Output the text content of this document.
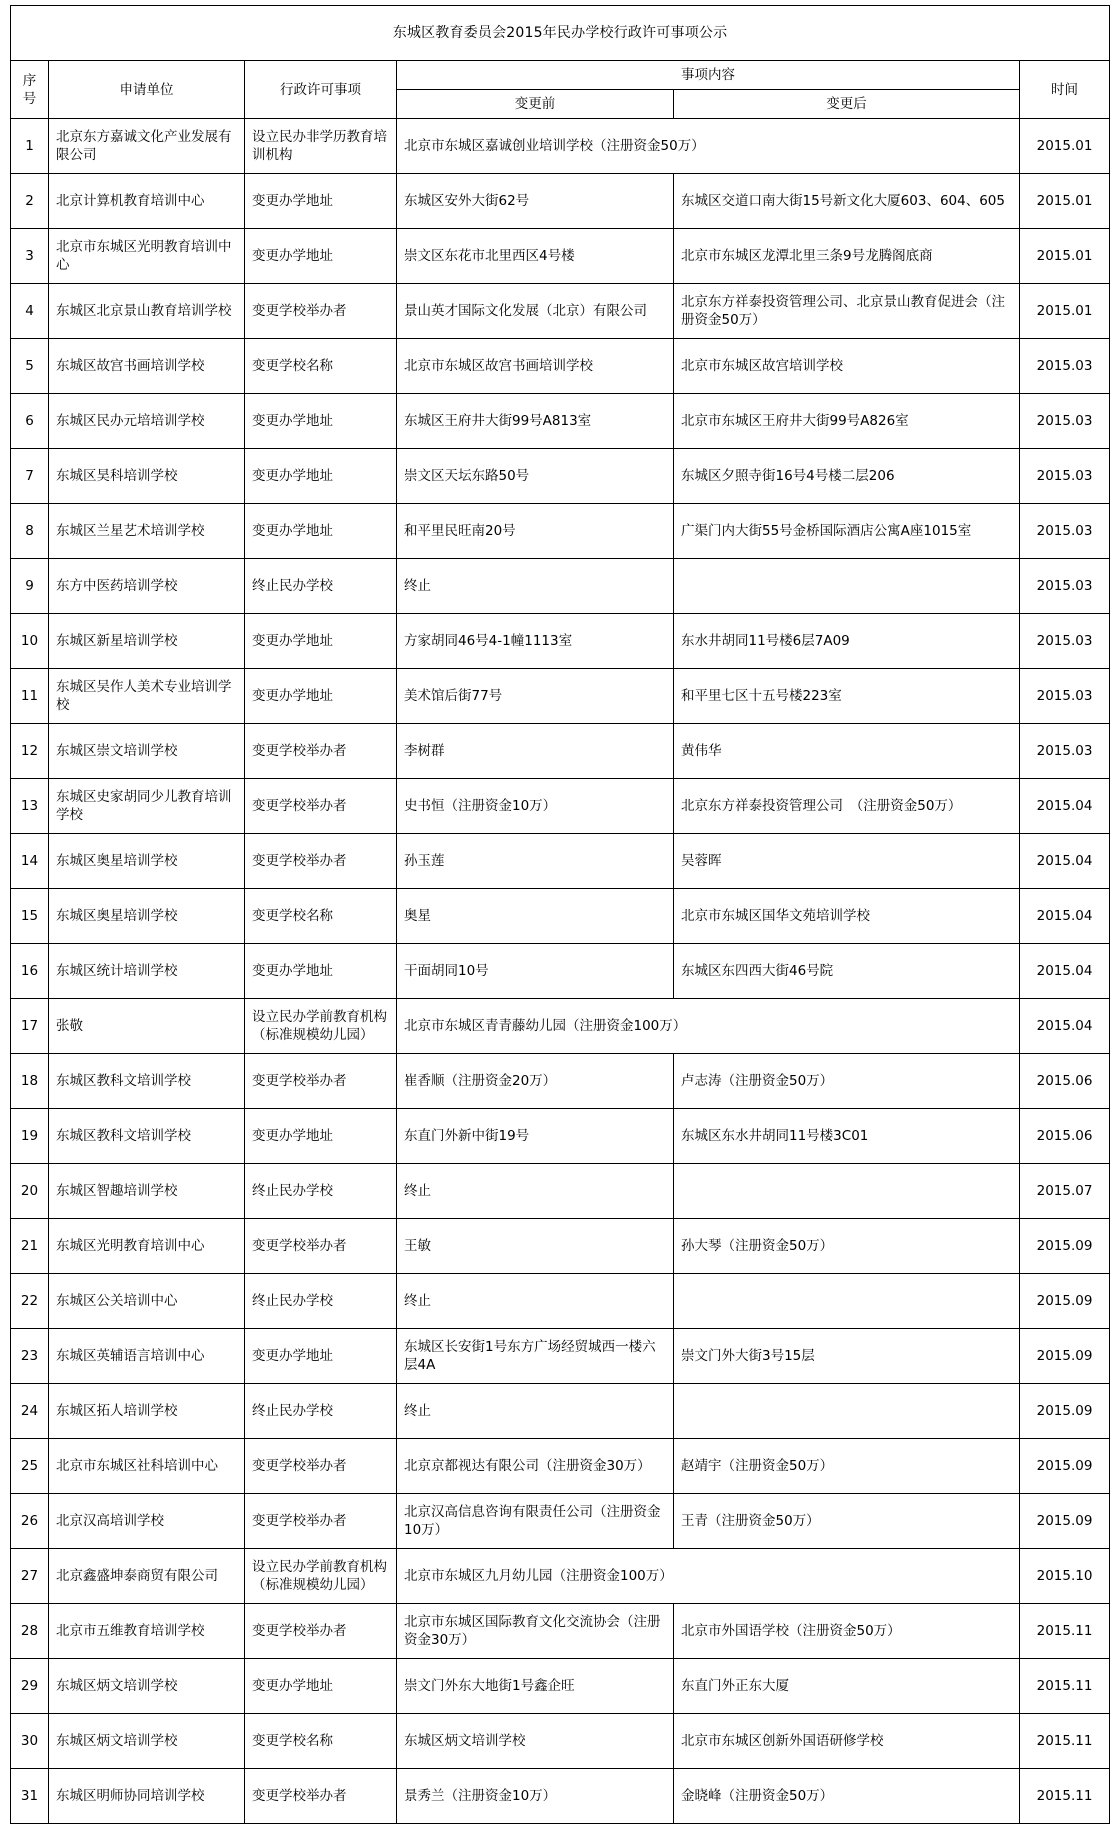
东城区教育委员会2015年民办学校行政许可事项公示					
序号	申请单位	行政许可事项	事项内容		时间
			变更前	变更后	
1	北京东方嘉诚文化产业发展有限公司	设立民办非学历教育培训机构	北京市东城区嘉诚创业培训学校（注册资金50万）		2015.01
2	北京计算机教育培训中心	变更办学地址	东城区安外大街62号	东城区交道口南大街15号新文化大厦603、604、605	2015.01
3	北京市东城区光明教育培训中心	变更办学地址	崇文区东花市北里西区4号楼	北京市东城区龙潭北里三条9号龙腾阁底商	2015.01
4	东城区北京景山教育培训学校	变更学校举办者	景山英才国际文化发展（北京）有限公司	北京东方祥泰投资管理公司、北京景山教育促进会（注册资金50万）	2015.01
5	东城区故宫书画培训学校	变更学校名称	北京市东城区故宫书画培训学校	北京市东城区故宫培训学校	2015.03
6	东城区民办元培培训学校	变更办学地址	东城区王府井大街99号A813室	北京市东城区王府井大街99号A826室	2015.03
7	东城区昊科培训学校	变更办学地址	崇文区天坛东路50号	东城区夕照寺街16号4号楼二层206	2015.03
8	东城区兰星艺术培训学校	变更办学地址	和平里民旺南20号	广渠门内大街55号金桥国际酒店公寓A座1015室	2015.03
9	东方中医药培训学校	终止民办学校	终止		2015.03
10	东城区新星培训学校	变更办学地址	方家胡同46号4-1幢1113室	东水井胡同11号楼6层7A09	2015.03
11	东城区吴作人美术专业培训学校	变更办学地址	美术馆后街77号	和平里七区十五号楼223室	2015.03
12	东城区崇文培训学校	变更学校举办者	李树群	黄伟华	2015.03
13	东城区史家胡同少儿教育培训学校	变更学校举办者	史书恒（注册资金10万）	北京东方祥泰投资管理公司　（注册资金50万）	2015.04
14	东城区奥星培训学校	变更学校举办者	孙玉莲	吴蓉晖	2015.04
15	东城区奥星培训学校	变更学校名称	奥星	北京市东城区国华文苑培训学校	2015.04
16	东城区统计培训学校	变更办学地址	干面胡同10号	东城区东四西大街46号院	2015.04
17	张敬	设立民办学前教育机构　（标准规模幼儿园）	北京市东城区青青藤幼儿园（注册资金100万）		2015.04
18	东城区教科文培训学校	变更学校举办者	崔香顺（注册资金20万）	卢志涛（注册资金50万）	2015.06
19	东城区教科文培训学校	变更办学地址	东直门外新中街19号	东城区东水井胡同11号楼3C01	2015.06
20	东城区智趣培训学校	终止民办学校	终止		2015.07
21	东城区光明教育培训中心	变更学校举办者	王敏	孙大琴（注册资金50万）	2015.09
22	东城区公关培训中心	终止民办学校	终止		2015.09
23	东城区英辅语言培训中心	变更办学地址	东城区长安街1号东方广场经贸城西一楼六层4A	崇文门外大街3号15层	2015.09
24	东城区拓人培训学校	终止民办学校	终止		2015.09
25	北京市东城区社科培训中心	变更学校举办者	北京京都视达有限公司（注册资金30万）	赵靖宇（注册资金50万）	2015.09
26	北京汉高培训学校	变更学校举办者	北京汉高信息咨询有限责任公司（注册资金10万）	王青（注册资金50万）	2015.09
27	北京鑫盛坤泰商贸有限公司	设立民办学前教育机构　（标准规模幼儿园）	北京市东城区九月幼儿园（注册资金100万）		2015.10
28	北京市五维教育培训学校	变更学校举办者	北京市东城区国际教育文化交流协会（注册资金30万）	北京市外国语学校（注册资金50万）	2015.11
29	东城区炳文培训学校	变更办学地址	崇文门外东大地街1号鑫企旺	东直门外正东大厦	2015.11
30	东城区炳文培训学校	变更学校名称	东城区炳文培训学校	北京市东城区创新外国语研修学校	2015.11
31	东城区明师协同培训学校	变更学校举办者	景秀兰（注册资金10万）	金晓峰（注册资金50万）	2015.11
